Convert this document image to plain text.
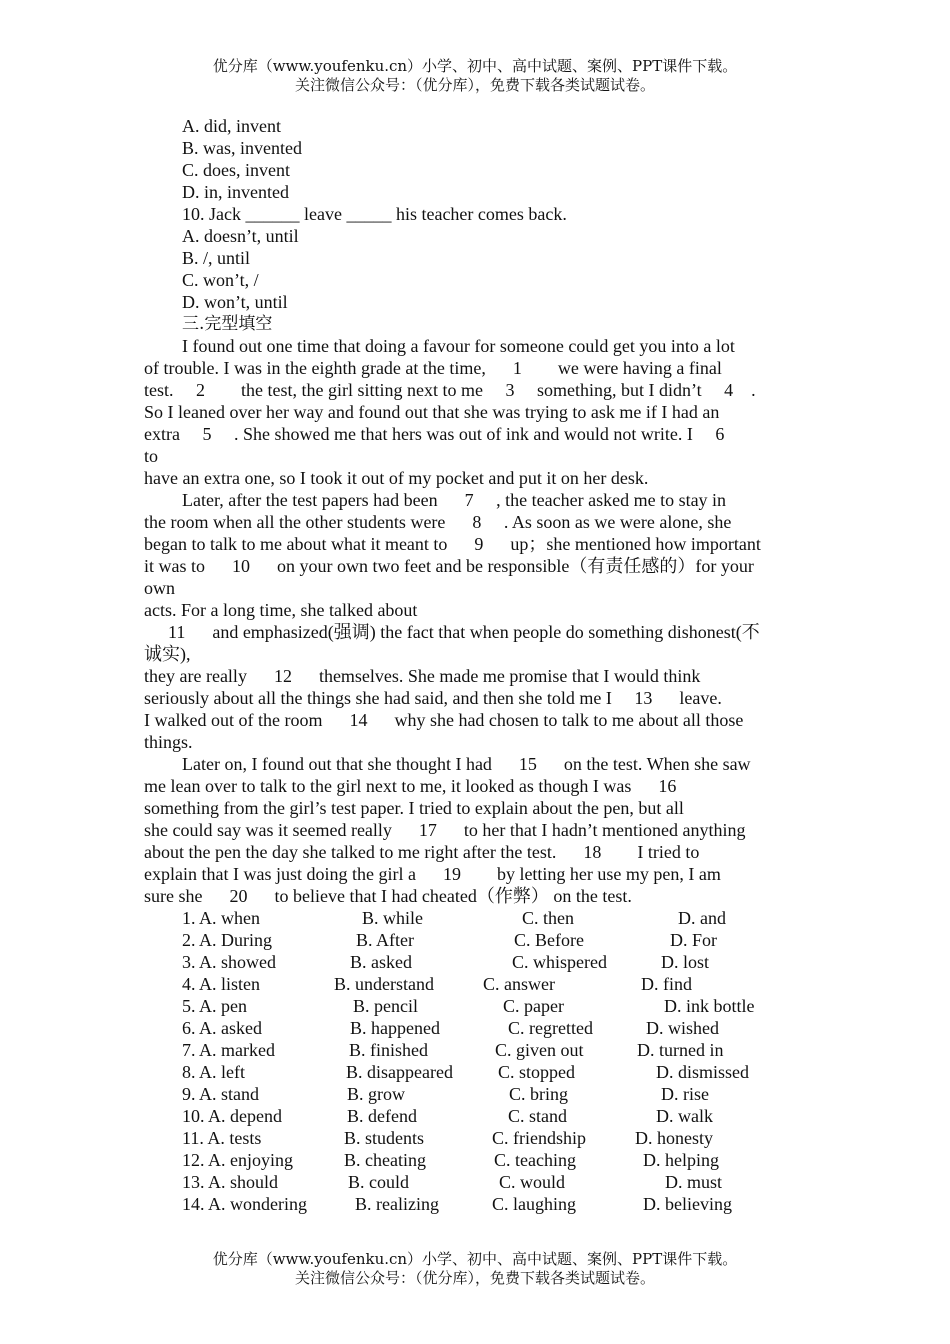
优分库（www.youfenku.cn）小学、初中、高中试题、案例、PPT课件下载。
关注微信公众号：（优分库），免费下载各类试题试卷。
A. did, invent
B. was, invented
C. does, invent
D. in, invented
10. Jack ______ leave _____ his teacher comes back.
A. doesn’t, until
B. /, until
C. won’t, /
D. won’t, until
三.完型填空
I found out one time that doing a favour for someone could get you into a lot
of trouble. I was in the eighth grade at the time,      1        we were having a final
test.     2        the test, the girl sitting next to me     3     something, but I didn’t     4    .
So I leaned over her way and found out that she was trying to ask me if I had an
extra     5     . She showed me that hers was out of ink and would not write. I     6
to
have an extra one, so I took it out of my pocket and put it on her desk.
Later, after the test papers had been      7     , the teacher asked me to stay in
the room when all the other students were      8     . As soon as we were alone, she
began to talk to me about what it meant to      9      up；she mentioned how important
it was to      10      on your own two feet and be responsible（有责任感的）for your
own
acts. For a long time, she talked about
11      and emphasized(强调) the fact that when people do something dishonest(不
诚实),
they are really      12      themselves. She made me promise that I would think
seriously about all the things she had said, and then she told me I     13      leave.
I walked out of the room      14      why she had chosen to talk to me about all those
things.
Later on, I found out that she thought I had      15      on the test. When she saw
me lean over to talk to the girl next to me, it looked as though I was      16
something from the girl’s test paper. I tried to explain about the pen, but all
she could say was it seemed really      17      to her that I hadn’t mentioned anything
about the pen the day she talked to me right after the test.      18        I tried to
explain that I was just doing the girl a      19        by letting her use my pen, I am
sure she      20      to believe that I had cheated（作弊） on the test.

1. A. when

	B. while

	C. then

	D. and

2. A. During

	B. After

	C. Before

	D. For

3. A. showed

	B. asked

	C. whispered

	D. lost

4. A. listen

	B. understand

	C. answer

	D. find

5. A. pen

	B. pencil

	C. paper

	D. ink bottle

6. A. asked

	B. happened

	C. regretted

	D. wished

7. A. marked

	B. finished

	C. given out

	D. turned in

8. A. left

	B. disappeared

	C. stopped

	D. dismissed

9. A. stand

	B. grow

	C. bring

	D. rise

10. A. depend

	B. defend

	C. stand

	D. walk

11. A. tests

	B. students

	C. friendship

	D. honesty

12. A. enjoying

	B. cheating

	C. teaching

	D. helping

13. A. should

	B. could

	C. would

	D. must

14. A. wondering

	B. realizing

	C. laughing

	D. believing

优分库（www.youfenku.cn）小学、初中、高中试题、案例、PPT课件下载。
关注微信公众号：（优分库），免费下载各类试题试卷。
